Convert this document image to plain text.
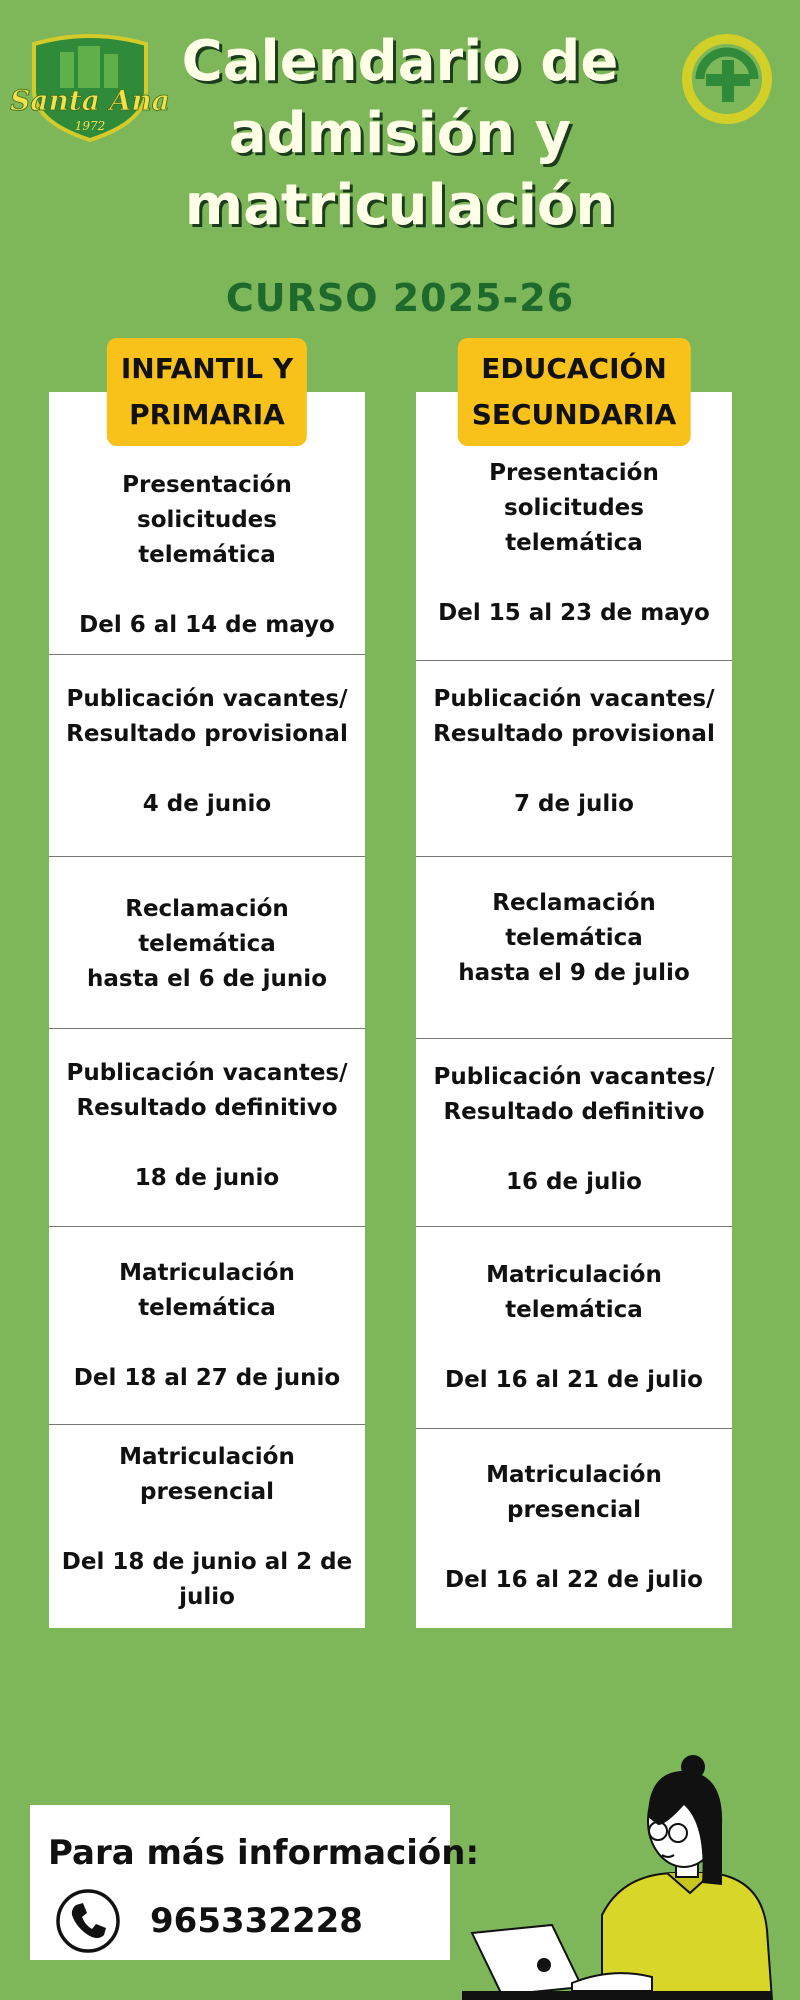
Santa Ana
1972
Calendario de
admisión y
matriculación
CURSO 2025-26
INFANTIL Y
PRIMARIA
Presentación
solicitudes
telemática
Del 6 al 14 de mayo
Publicación vacantes/
Resultado provisional
4 de junio
Reclamación
telemática
hasta el 6 de junio
Publicación vacantes/
Resultado definitivo
18 de junio
Matriculación
telemática
Del 18 al 27 de junio
Matriculación
presencial
Del 18 de junio al 2 de
julio
EDUCACIÓN
SECUNDARIA
Presentación
solicitudes
telemática
Del 15 al 23 de mayo
Publicación vacantes/
Resultado provisional
7 de julio
Reclamación
telemática
hasta el 9 de julio
Publicación vacantes/
Resultado definitivo
16 de julio
Matriculación
telemática
Del 16 al 21 de julio
Matriculación
presencial
Del 16 al 22 de julio
Para más información:
965332228
